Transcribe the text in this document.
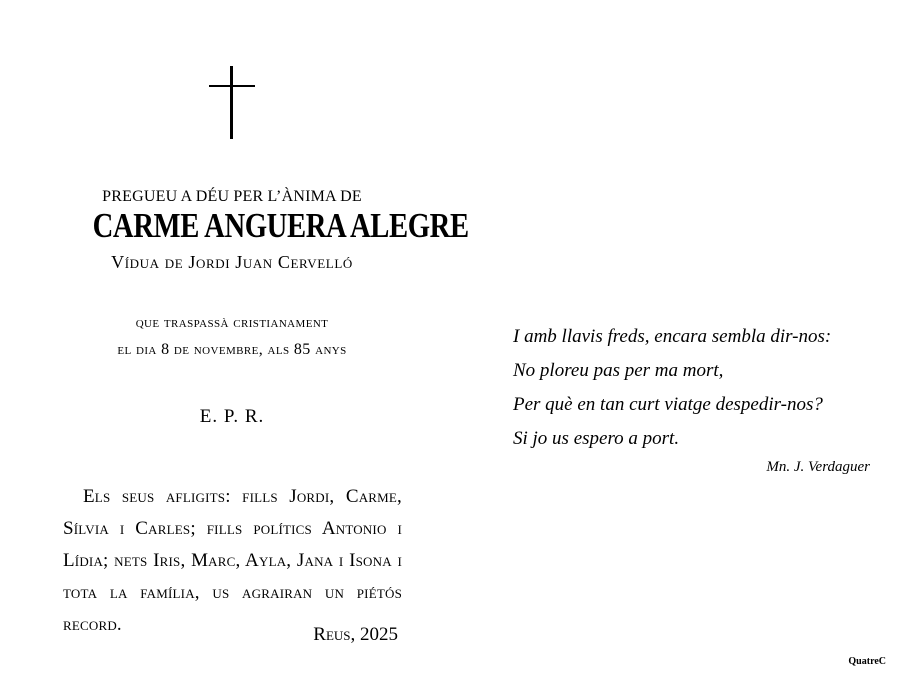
PREGUEU A DÉU PER L’ÀNIMA DE
CARME ANGUERA ALEGRE
Vídua de Jordi Juan Cervelló
que traspassà cristianament
el dia 8 de novembre, als 85 anys
E. P. R.
Els seus afligits: fills Jordi, Carme, Sílvia i Carles; fills polítics Antonio i Lídia; nets Iris, Marc, Ayla, Jana i Isona i tota la família, us agrairan un piétós record.	Reus, 2025
I amb llavis freds, encara sembla dir-nos:
No ploreu pas per ma mort,
Per què en tan curt viatge despedir-nos?
Si jo us espero a port.
Mn. J. Verdaguer
QuatreC
